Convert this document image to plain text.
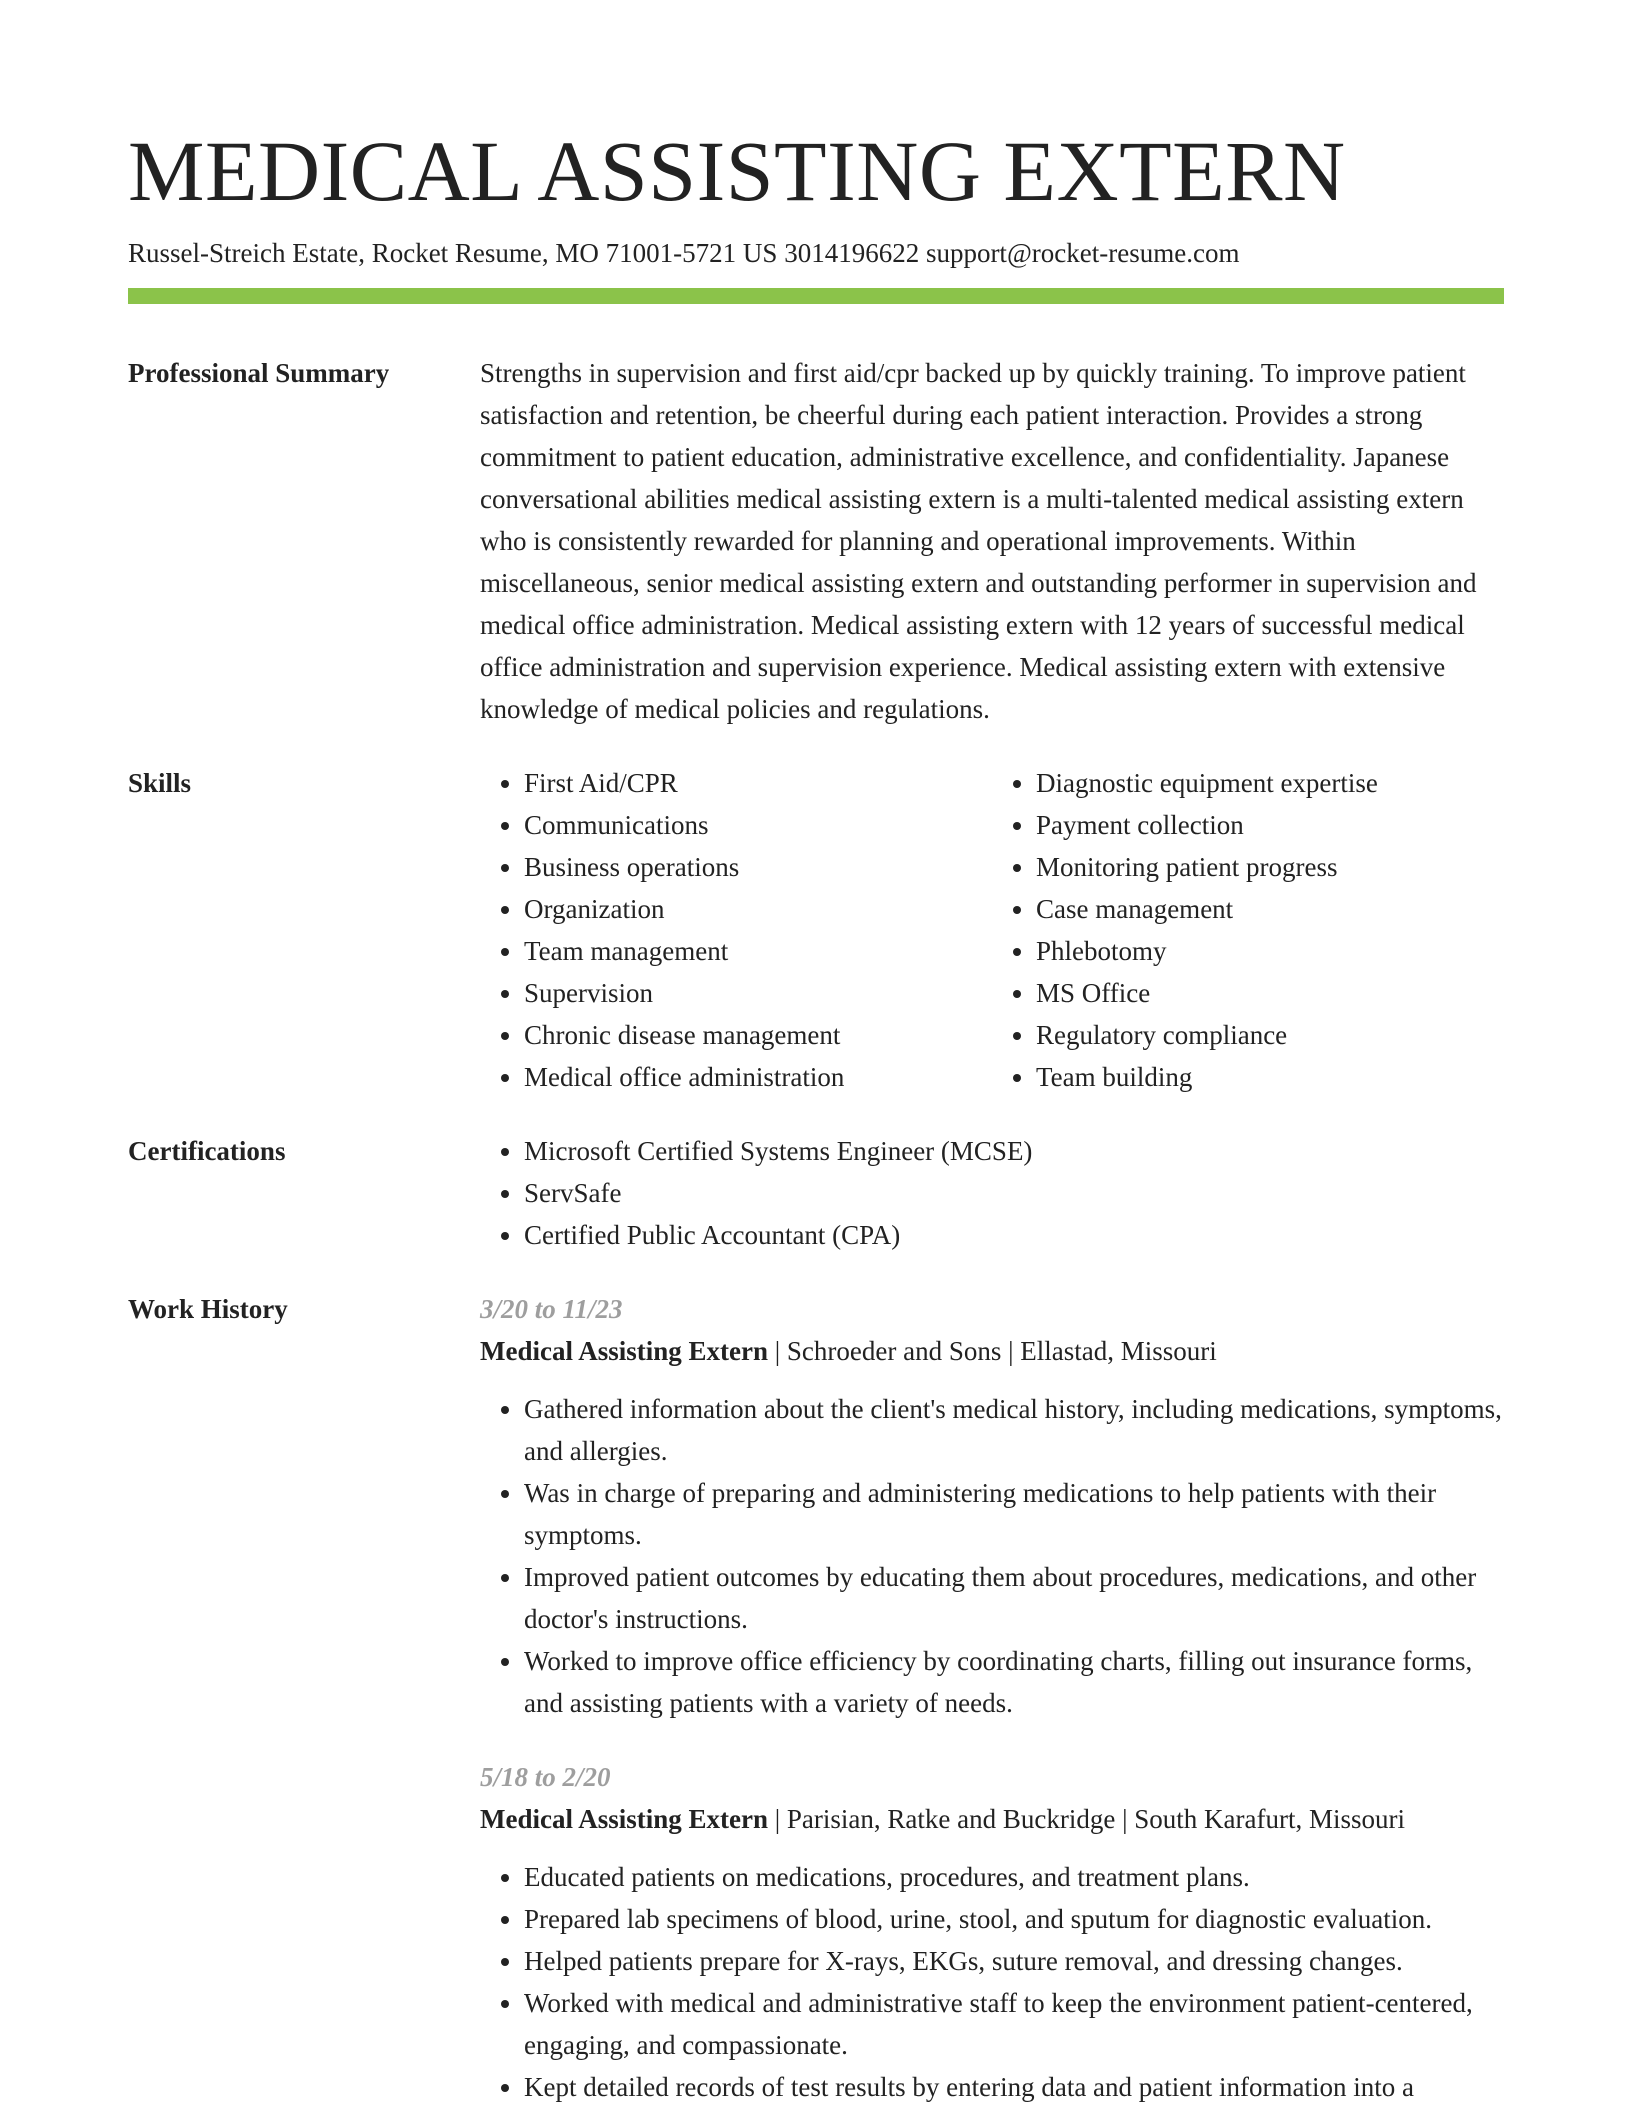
MEDICAL ASSISTING EXTERN
Russel-Streich Estate, Rocket Resume, MO 71001-5721 US 3014196622 support@rocket-resume.com
Professional Summary	Strengths in supervision and first aid/cpr backed up by quickly training. To improve patient satisfaction and retention, be cheerful during each patient interaction. Provides a strong commitment to patient education, administrative excellence, and confidentiality. Japanese conversational abilities medical assisting extern is a multi-talented medical assisting extern who is consistently rewarded for planning and operational improvements. Within miscellaneous, senior medical assisting extern and outstanding performer in supervision and medical office administration. Medical assisting extern with 12 years of successful medical office administration and supervision experience. Medical assisting extern with extensive knowledge of medical policies and regulations.
Skills	• First Aid/CPR
• Communications
• Business operations
• Organization
• Team management
• Supervision
• Chronic disease management
• Medical office administration
• Diagnostic equipment expertise
• Payment collection
• Monitoring patient progress
• Case management
• Phlebotomy
• MS Office
• Regulatory compliance
• Team building
Certifications	• Microsoft Certified Systems Engineer (MCSE)
• ServSafe
• Certified Public Accountant (CPA)
Work History	3/20 to 11/23
Medical Assisting Extern | Schroeder and Sons | Ellastad, Missouri
• Gathered information about the client's medical history, including medications, symptoms, and allergies.
• Was in charge of preparing and administering medications to help patients with their symptoms.
• Improved patient outcomes by educating them about procedures, medications, and other doctor's instructions.
• Worked to improve office efficiency by coordinating charts, filling out insurance forms, and assisting patients with a variety of needs.
5/18 to 2/20
Medical Assisting Extern | Parisian, Ratke and Buckridge | South Karafurt, Missouri
• Educated patients on medications, procedures, and treatment plans.
• Prepared lab specimens of blood, urine, stool, and sputum for diagnostic evaluation.
• Helped patients prepare for X-rays, EKGs, suture removal, and dressing changes.
• Worked with medical and administrative staff to keep the environment patient-centered, engaging, and compassionate.
• Kept detailed records of test results by entering data and patient information into a
